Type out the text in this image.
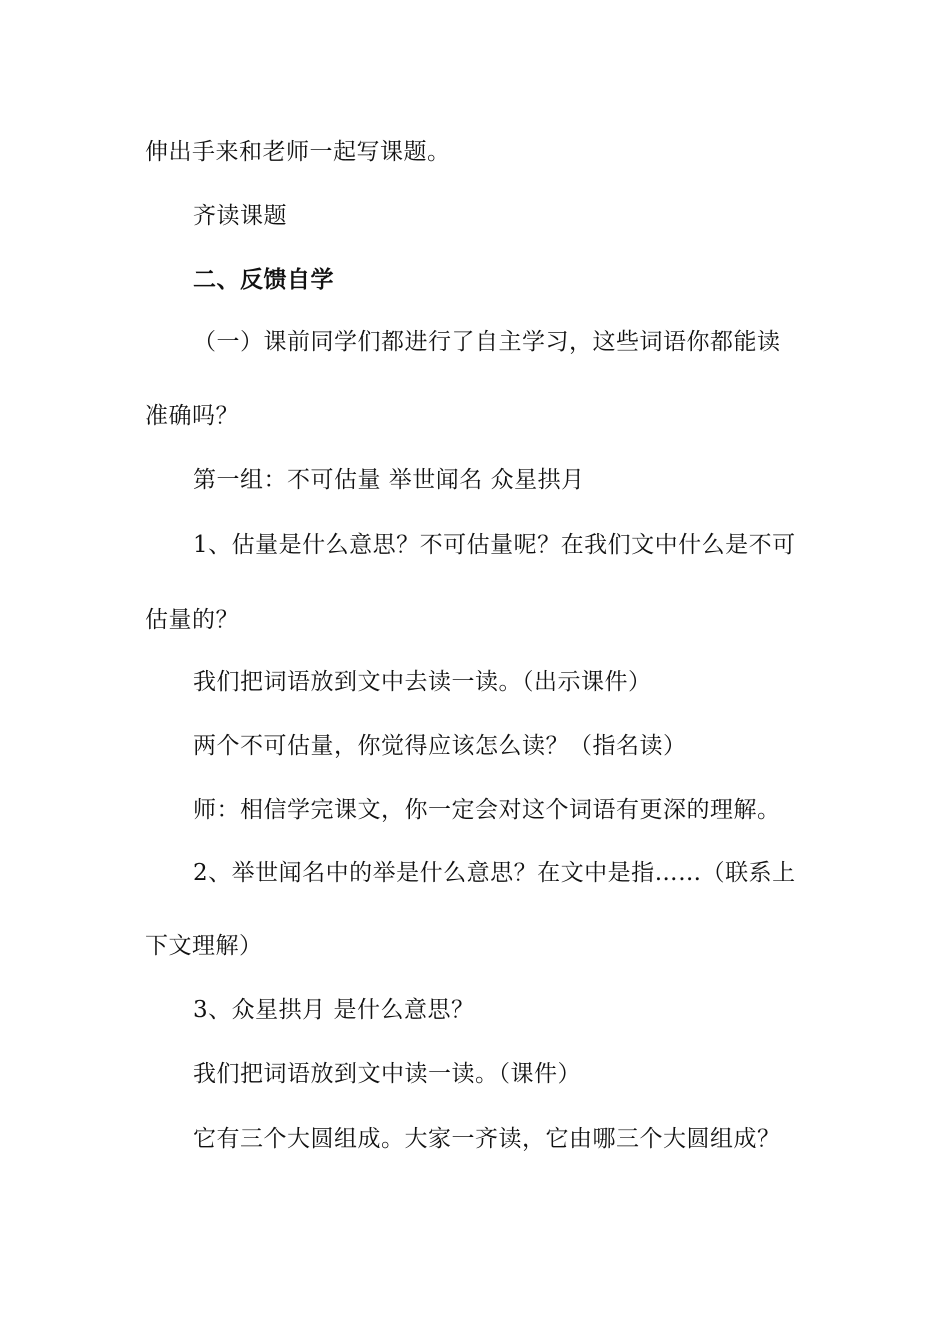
伸出手来和老师一起写课题。
齐读课题
二、反馈自学
（一）课前同学们都进行了自主学习，这些词语你都能读
准确吗？
第一组：不可估量 举世闻名 众星拱月
1、估量是什么意思？不可估量呢？在我们文中什么是不可
估量的？
我们把词语放到文中去读一读。（出示课件）
两个不可估量，你觉得应该怎么读？（指名读）
师：相信学完课文，你一定会对这个词语有更深的理解。
2、举世闻名中的举是什么意思？在文中是指……（联系上
下文理解）
3、众星拱月 是什么意思？
我们把词语放到文中读一读。（课件）
它有三个大圆组成。大家一齐读，它由哪三个大圆组成？
